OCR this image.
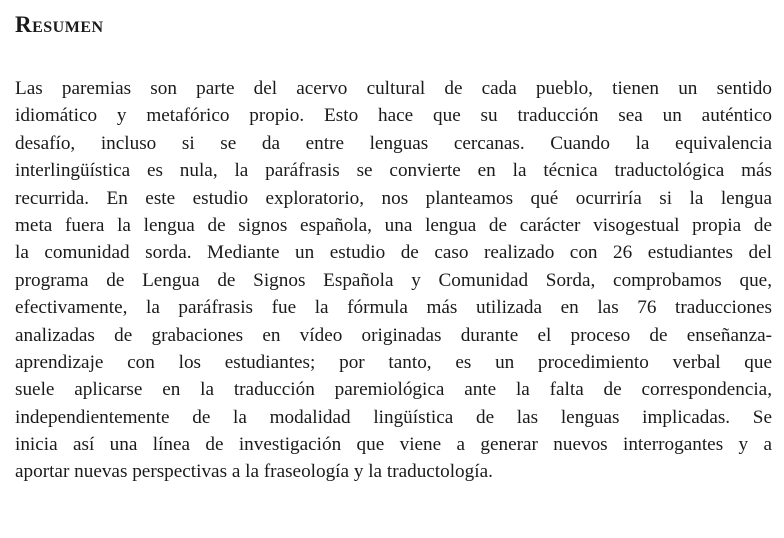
Resumen
Las paremias son parte del acervo cultural de cada pueblo, tienen un sentido
idiomático y metafórico propio. Esto hace que su traducción sea un auténtico
desafío, incluso si se da entre lenguas cercanas. Cuando la equivalencia
interlingüística es nula, la paráfrasis se convierte en la técnica traductológica más
recurrida. En este estudio exploratorio, nos planteamos qué ocurriría si la lengua
meta fuera la lengua de signos española, una lengua de carácter visogestual propia de
la comunidad sorda. Mediante un estudio de caso realizado con 26 estudiantes del
programa de Lengua de Signos Española y Comunidad Sorda, comprobamos que,
efectivamente, la paráfrasis fue la fórmula más utilizada en las 76 traducciones
analizadas de grabaciones en vídeo originadas durante el proceso de enseñanza-
aprendizaje con los estudiantes; por tanto, es un procedimiento verbal que
suele aplicarse en la traducción paremiológica ante la falta de correspondencia,
independientemente de la modalidad lingüística de las lenguas implicadas. Se
inicia así una línea de investigación que viene a generar nuevos interrogantes y a
aportar nuevas perspectivas a la fraseología y la traductología.
